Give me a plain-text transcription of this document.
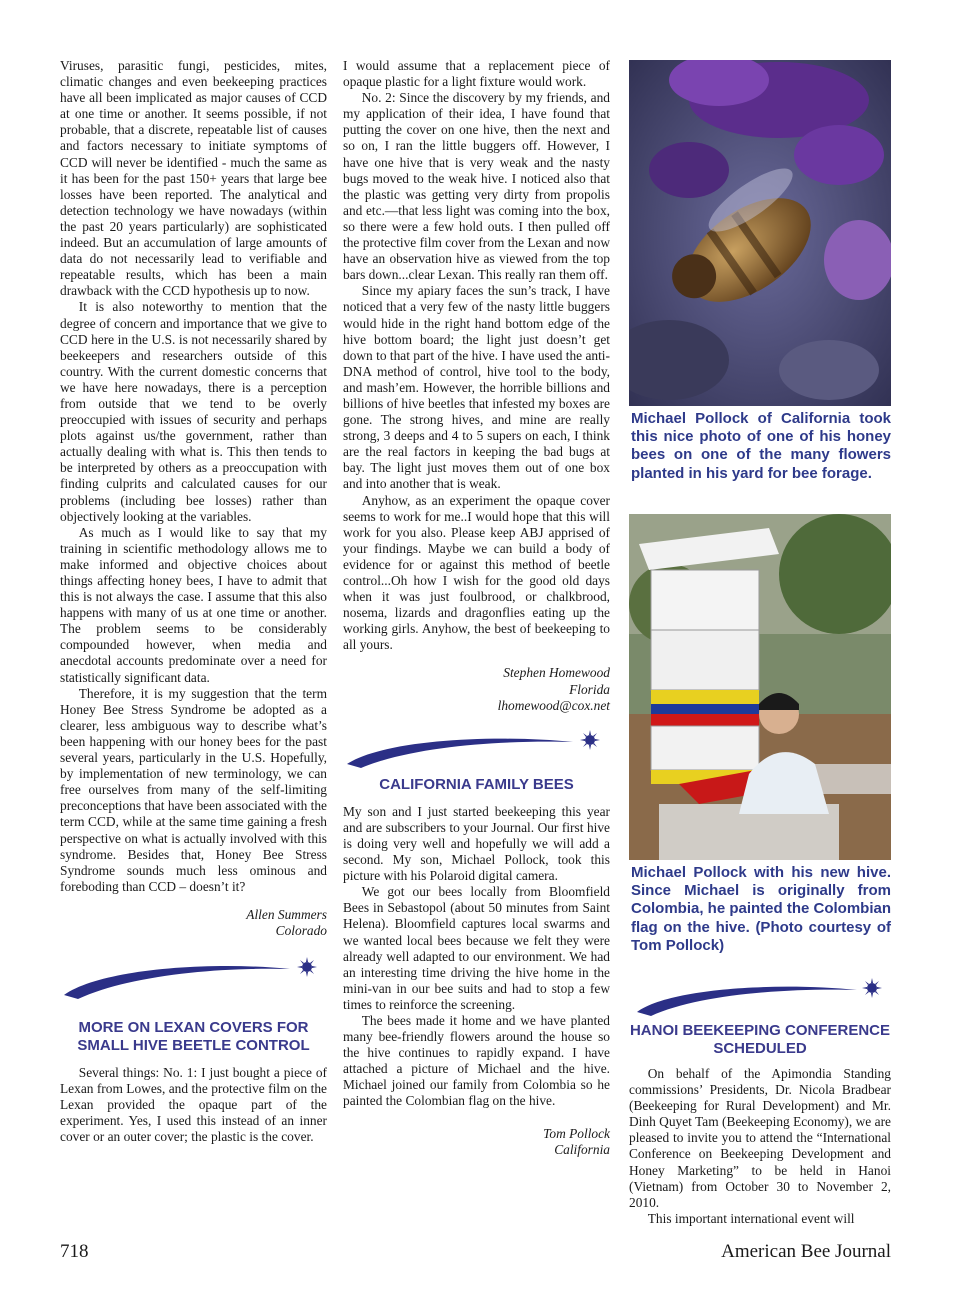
Viruses, parasitic fungi, pesticides, mites, climatic changes and even beekeeping practices have all been implicated as major causes of CCD at one time or another. It seems possible, if not probable, that a discrete, repeatable list of causes and factors necessary to initiate symptoms of CCD will never be identified - much the same as it has been for the past 150+ years that large bee losses have been reported. The analytical and detection technology we have nowadays (within the past 20 years particularly) are sophisticated indeed. But an accumulation of large amounts of data do not necessarily lead to verifiable and repeatable results, which has been a main drawback with the CCD hypothesis up to now.

It is also noteworthy to mention that the degree of concern and importance that we give to CCD here in the U.S. is not necessarily shared by beekeepers and researchers outside of this country. With the current domestic concerns that we have here nowadays, there is a perception from outside that we tend to be overly preoccupied with issues of security and perhaps plots against us/the government, rather than actually dealing with what is. This then tends to be interpreted by others as a preoccupation with finding culprits and calculated causes for our problems (including bee losses) rather than objectively looking at the variables.

As much as I would like to say that my training in scientific methodology allows me to make informed and objective choices about things affecting honey bees, I have to admit that this is not always the case. I assume that this also happens with many of us at one time or another. The problem seems to be considerably compounded however, when media and anecdotal accounts predominate over a need for statistically significant data.

Therefore, it is my suggestion that the term Honey Bee Stress Syndrome be adopted as a clearer, less ambiguous way to describe what’s been happening with our honey bees for the past several years, particularly in the U.S. Hopefully, by implementation of new terminology, we can free ourselves from many of the self-limiting preconceptions that have been associated with the term CCD, while at the same time gaining a fresh perspective on what is actually involved with this syndrome. Besides that, Honey Bee Stress Syndrome sounds much less ominous and foreboding than CCD – doesn’t it?

Allen Summers
Colorado
MORE ON LEXAN COVERS FOR SMALL HIVE BEETLE CONTROL

Several things: No. 1: I just bought a piece of Lexan from Lowes, and the protective film on the Lexan provided the opaque part of the experiment. Yes, I used this instead of an inner cover or an outer cover; the plastic is the cover.

I would assume that a replacement piece of opaque plastic for a light fixture would work.

No. 2: Since the discovery by my friends, and my application of their idea, I have found that putting the cover on one hive, then the next and so on, I ran the little buggers off. However, I have one hive that is very weak and the nasty bugs moved to the weak hive. I noticed also that the plastic was getting very dirty from propolis and etc.—that less light was coming into the box, so there were a few hold outs. I then pulled off the protective film cover from the Lexan and now have an observation hive as viewed from the top bars down...clear Lexan. This really ran them off.

Since my apiary faces the sun’s track, I have noticed that a very few of the nasty little buggers would hide in the right hand bottom edge of the hive bottom board; the light just doesn’t get down to that part of the hive. I have used the anti-DNA method of control, hive tool to the body, and mash’em. However, the horrible billions and billions of hive beetles that infested my boxes are gone. The strong hives, and mine are really strong, 3 deeps and 4 to 5 supers on each, I think are the real factors in keeping the bad bugs at bay. The light just moves them out of one box and into another that is weak.

Anyhow, as an experiment the opaque cover seems to work for me..I would hope that this will work for you also. Please keep ABJ apprised of your findings. Maybe we can build a body of evidence for or against this method of beetle control...Oh how I wish for the good old days when it was just foulbrood, or chalkbrood, nosema, lizards and dragonflies eating up the working girls. Anyhow, the best of beekeeping to all yours.

Stephen Homewood
Florida
lhomewood@cox.net
CALIFORNIA FAMILY BEES

My son and I just started beekeeping this year and are subscribers to your Journal. Our first hive is doing very well and hopefully we will add a second. My son, Michael Pollock, took this picture with his Polaroid digital camera.

We got our bees locally from Bloomfield Bees in Sebastopol (about 50 minutes from Saint Helena). Bloomfield captures local swarms and we wanted local bees because we felt they were already well adapted to our environment. We had an interesting time driving the hive home in the mini-van in our bee suits and had to stop a few times to reinforce the screening.

The bees made it home and we have planted many bee-friendly flowers around the house so the hive continues to rapidly expand. I have attached a picture of Michael and the hive. Michael joined our family from Colombia so he painted the Colombian flag on the hive.

Tom Pollock
California
Michael Pollock of California took this nice photo of one of his honey bees on one of the many flowers planted in his yard for bee forage.
Michael Pollock with his new hive. Since Michael is originally from Colombia, he painted the Colombian flag on the hive. (Photo courtesy of Tom Pollock)
HANOI BEEKEEPING CONFERENCE SCHEDULED

On behalf of the Apimondia Standing commissions’ Presidents, Dr. Nicola Bradbear (Beekeeping for Rural Development) and Mr. Dinh Quyet Tam (Beekeeping Economy), we are pleased to invite you to attend the “International Conference on Beekeeping Development and Honey Marketing” to be held in Hanoi (Vietnam) from October 30 to November 2, 2010.

This important international event will

718	American Bee Journal
